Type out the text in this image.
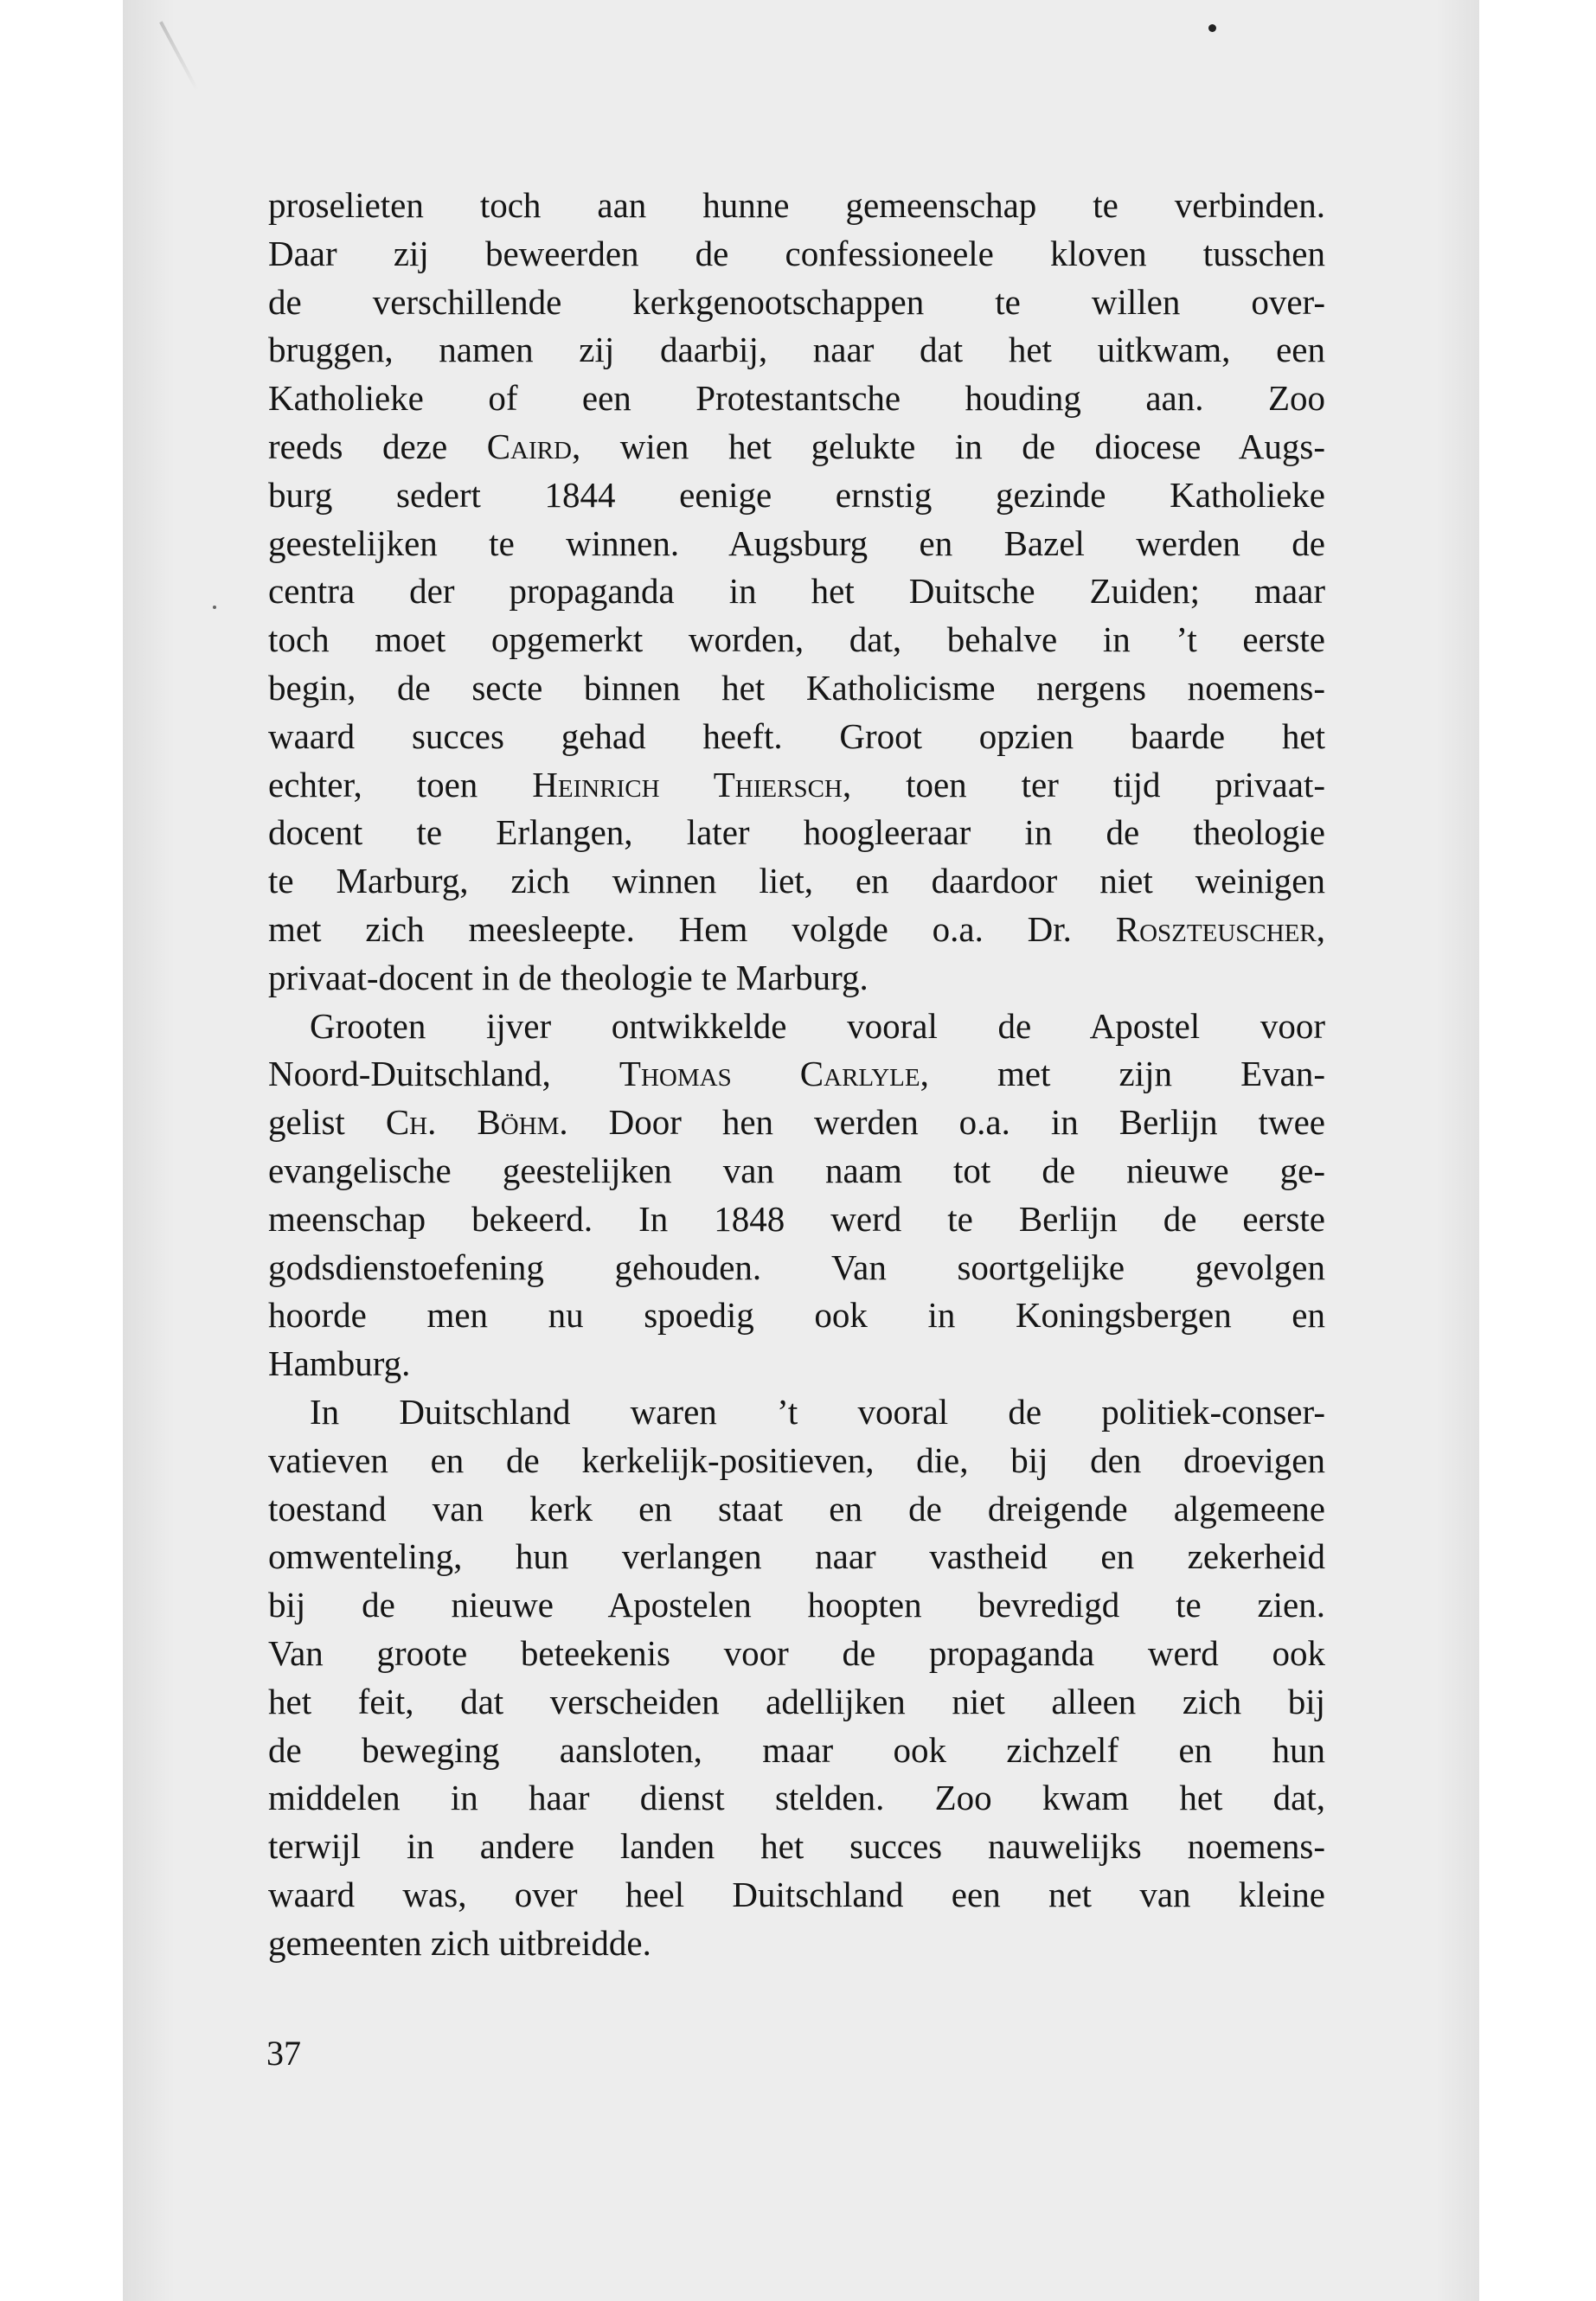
proselieten toch aan hunne gemeenschap te verbinden.
Daar zij beweerden de confessioneele kloven tusschen
de verschillende kerkgenootschappen te willen over-
bruggen, namen zij daarbij, naar dat het uitkwam, een
Katholieke of een Protestantsche houding aan. Zoo
reeds deze Caird, wien het gelukte in de diocese Augs-
burg sedert 1844 eenige ernstig gezinde Katholieke
geestelijken te winnen. Augsburg en Bazel werden de
centra der propaganda in het Duitsche Zuiden; maar
toch moet opgemerkt worden, dat, behalve in ’t eerste
begin, de secte binnen het Katholicisme nergens noemens-
waard succes gehad heeft. Groot opzien baarde het
echter, toen Heinrich Thiersch, toen ter tijd privaat-
docent te Erlangen, later hoogleeraar in de theologie
te Marburg, zich winnen liet, en daardoor niet weinigen
met zich meesleepte. Hem volgde o.a. Dr. Roszteuscher,
privaat-docent in de theologie te Marburg.
Grooten ijver ontwikkelde vooral de Apostel voor
Noord-Duitschland, Thomas Carlyle, met zijn Evan-
gelist Ch. Böhm. Door hen werden o.a. in Berlijn twee
evangelische geestelijken van naam tot de nieuwe ge-
meenschap bekeerd. In 1848 werd te Berlijn de eerste
godsdienstoefening gehouden. Van soortgelijke gevolgen
hoorde men nu spoedig ook in Koningsbergen en
Hamburg.
In Duitschland waren ’t vooral de politiek-conser-
vatieven en de kerkelijk-positieven, die, bij den droevigen
toestand van kerk en staat en de dreigende algemeene
omwenteling, hun verlangen naar vastheid en zekerheid
bij de nieuwe Apostelen hoopten bevredigd te zien.
Van groote beteekenis voor de propaganda werd ook
het feit, dat verscheiden adellijken niet alleen zich bij
de beweging aansloten, maar ook zichzelf en hun
middelen in haar dienst stelden. Zoo kwam het dat,
terwijl in andere landen het succes nauwelijks noemens-
waard was, over heel Duitschland een net van kleine
gemeenten zich uitbreidde.
37
